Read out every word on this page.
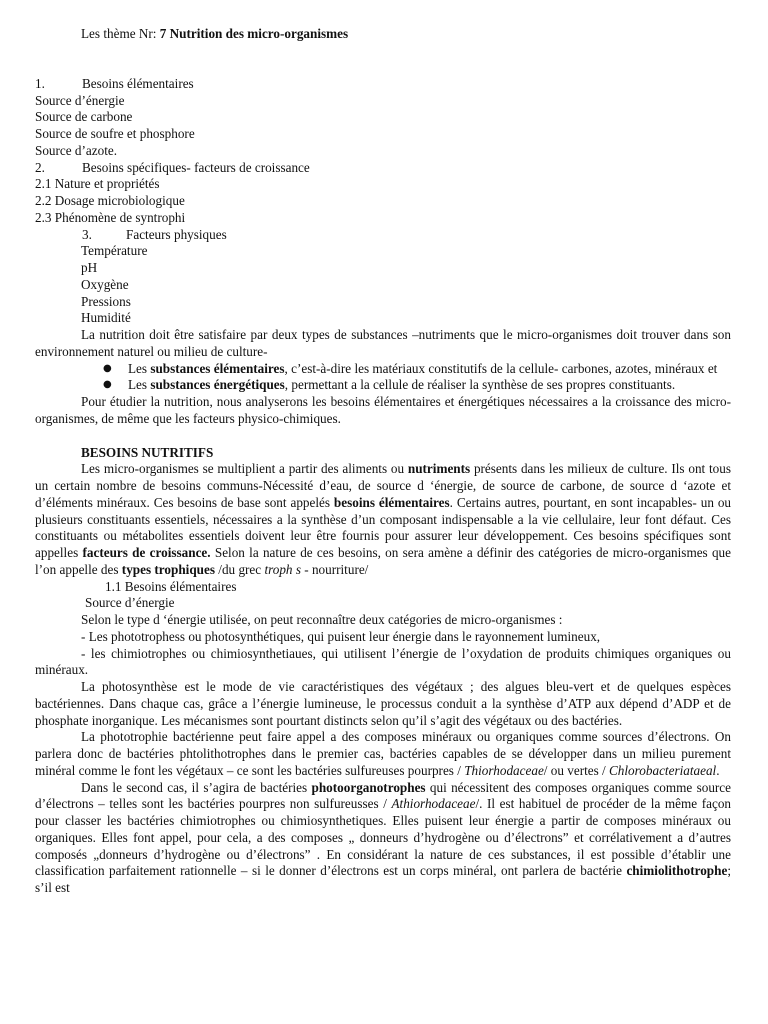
Les thème Nr: 7 Nutrition des micro-organismes

1.	Besoins élémentaires

Source d’énergie

Source de carbone

Source de soufre et phosphore

Source d’azote.

2.	Besoins spécifiques- facteurs de croissance

2.1 Nature et propriétés

2.2 Dosage microbiologique

2.3 Phénomène de syntrophi

3.	Facteurs physiques

Température

pH

Oxygène

Pressions

Humidité

La nutrition doit être satisfaire par deux types de substances –nutriments que le micro-organismes doit trouver dans son environnement naturel ou milieu de culture-

●	Les substances élémentaires, c’est-à-dire les matériaux constitutifs de la cellule- carbones, azotes, minéraux et
●	Les substances énergétiques, permettant a la cellule de réaliser la synthèse de ses propres constituants.

Pour étudier la nutrition, nous analyserons les besoins élémentaires et énergétiques nécessaires a la croissance des micro-organismes, de même que les facteurs physico-chimiques.

BESOINS NUTRITIFS

Les micro-organismes se multiplient a partir des aliments ou nutriments présents dans les milieux de culture. Ils ont tous un certain nombre de besoins communs-Nécessité d’eau, de source d ‘énergie, de source de carbone, de source d ‘azote et d’éléments minéraux. Ces besoins de base sont appelés besoins élémentaires. Certains autres, pourtant, en sont incapables- un ou plusieurs constituants essentiels, nécessaires a la synthèse d’un composant indispensable a la vie cellulaire, leur font défaut. Ces constituants ou métabolites essentiels doivent leur être fournis pour assurer leur développement. Ces besoins spécifiques sont appelles facteurs de croissance. Selon la nature de ces besoins, on sera amène a définir des catégories de micro-organismes que l’on appelle des types trophiques /du grec troph s - nourriture/

1.1 Besoins élémentaires

Source d’énergie

Selon le type d ‘énergie utilisée, on peut reconnaître deux catégories de micro-organismes :

- Les phototrophess ou photosynthétiques, qui puisent leur énergie dans le rayonnement lumineux,

- les chimiotrophes ou chimiosynthetiaues, qui utilisent l’énergie de l’oxydation de produits chimiques organiques ou minéraux.

La photosynthèse est le mode de vie caractéristiques des végétaux ; des algues bleu-vert et de quelques espèces bactériennes. Dans chaque cas, grâce a l’énergie lumineuse, le processus conduit a la synthèse d’ATP aux dépend d’ADP et de phosphate inorganique. Les mécanismes sont pourtant distincts selon qu’il s’agit des végétaux ou des bactéries.

La phototrophie bactérienne peut faire appel a des composes minéraux ou organiques comme sources d’électrons. On parlera donc de bactéries phtolithotrophes dans le premier cas, bactéries capables de se développer dans un milieu purement minéral comme le font les végétaux – ce sont les bactéries sulfureuses pourpres / Thiorhodaceae/ ou vertes / Chlorobacteriataeal.

Dans le second cas, il s’agira de bactéries photoorganotrophes qui nécessitent des composes organiques comme source d’électrons – telles sont les bactéries pourpres non sulfureusses / Athiorhodaceae/. Il est habituel de procéder de la même façon pour classer les bactéries chimiotrophes ou chimiosynthetiques. Elles puisent leur énergie a partir de composes minéraux ou organiques. Elles font appel, pour cela, a des composes „ donneurs d’hydrogène ou d’électrons” et corrélativement a d’autres composés „donneurs d’hydrogène ou d’électrons” . En considérant la nature de ces substances, il est possible d’établir une classification parfaitement rationnelle – si le donner d’électrons est un corps minéral, ont parlera de bactérie chimiolithotrophe; s’il est
